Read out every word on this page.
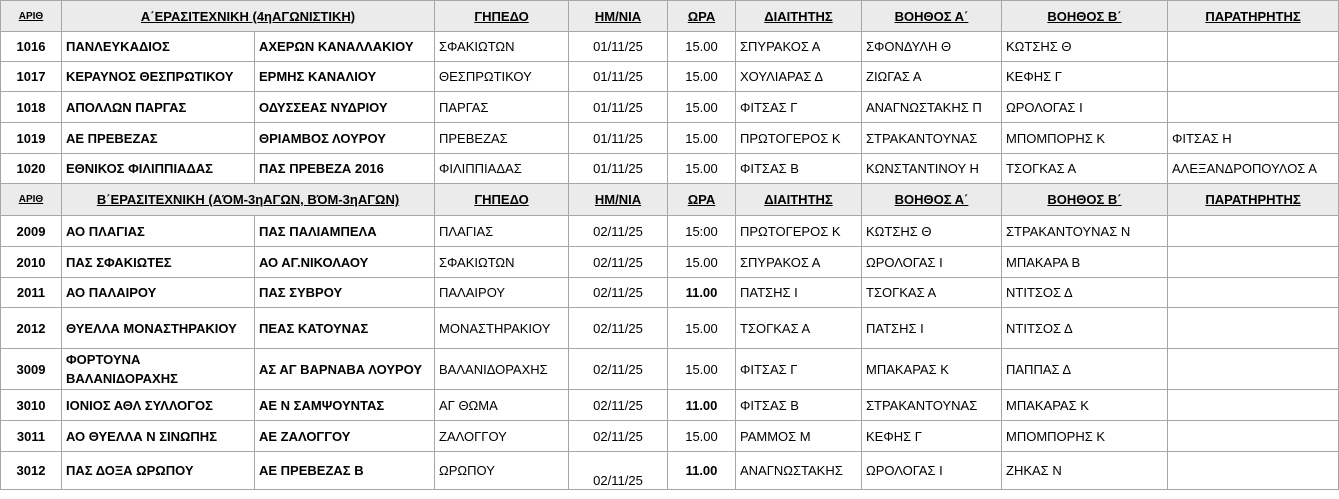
ΑΡΙΘ	Α΄ΕΡΑΣΙΤΕΧΝΙΚΗ (4ηΑΓΩΝΙΣΤΙΚΗ)		ΓΗΠΕΔΟ	ΗΜ/ΝΙΑ	ΩΡΑ	ΔΙΑΙΤΗΤΗΣ	ΒΟΗΘΟΣ Α΄	ΒΟΗΘΟΣ Β΄	ΠΑΡΑΤΗΡΗΤΗΣ
1016	ΠΑΝΛΕΥΚΑΔΙΟΣ	ΑΧΕΡΩΝ ΚΑΝΑΛΛΑΚΙΟΥ	ΣΦΑΚΙΩΤΩΝ	01/11/25	15.00	ΣΠΥΡΑΚΟΣ Α	ΣΦΟΝΔΥΛΗ Θ	ΚΩΤΣΗΣ Θ	
1017	ΚΕΡΑΥΝΟΣ ΘΕΣΠΡΩΤΙΚΟΥ	ΕΡΜΗΣ ΚΑΝΑΛΙΟΥ	ΘΕΣΠΡΩΤΙΚΟΥ	01/11/25	15.00	ΧΟΥΛΙΑΡΑΣ Δ	ΖΙΩΓΑΣ Α	ΚΕΦΗΣ Γ	
1018	ΑΠΟΛΛΩΝ ΠΑΡΓΑΣ	ΟΔΥΣΣΕΑΣ ΝΥΔΡΙΟΥ	ΠΑΡΓΑΣ	01/11/25	15.00	ΦΙΤΣΑΣ Γ	ΑΝΑΓΝΩΣΤΑΚΗΣ Π	ΩΡΟΛΟΓΑΣ Ι	
1019	ΑΕ ΠΡΕΒΕΖΑΣ	ΘΡΙΑΜΒΟΣ ΛΟΥΡΟΥ	ΠΡΕΒΕΖΑΣ	01/11/25	15.00	ΠΡΩΤΟΓΕΡΟΣ Κ	ΣΤΡΑΚΑΝΤΟΥΝΑΣ	ΜΠΟΜΠΟΡΗΣ Κ	ΦΙΤΣΑΣ Η
1020	ΕΘΝΙΚΟΣ ΦΙΛΙΠΠΙΑΔΑΣ	ΠΑΣ ΠΡΕΒΕΖΑ 2016	ΦΙΛΙΠΠΙΑΔΑΣ	01/11/25	15.00	ΦΙΤΣΑΣ Β	ΚΩΝΣΤΑΝΤΙΝΟΥ Η	ΤΣΟΓΚΑΣ Α	ΑΛΕΞΑΝΔΡΟΠΟΥΛΟΣ Α
ΑΡΙΘ	Β΄ΕΡΑΣΙΤΕΧΝΙΚΗ (ΑΌΜ-3ηΑΓΩΝ, ΒΌΜ-3ηΑΓΩΝ)		ΓΗΠΕΔΟ	ΗΜ/ΝΙΑ	ΩΡΑ	ΔΙΑΙΤΗΤΗΣ	ΒΟΗΘΟΣ Α΄	ΒΟΗΘΟΣ Β΄	ΠΑΡΑΤΗΡΗΤΗΣ
2009	ΑΟ ΠΛΑΓΙΑΣ	ΠΑΣ ΠΑΛΙΑΜΠΕΛΑ	ΠΛΑΓΙΑΣ	02/11/25	15:00	ΠΡΩΤΟΓΕΡΟΣ Κ	ΚΩΤΣΗΣ Θ	ΣΤΡΑΚΑΝΤΟΥΝΑΣ Ν	
2010	ΠΑΣ ΣΦΑΚΙΩΤΕΣ	ΑΟ ΑΓ.ΝΙΚΟΛΑΟΥ	ΣΦΑΚΙΩΤΩΝ	02/11/25	15.00	ΣΠΥΡΑΚΟΣ Α	ΩΡΟΛΟΓΑΣ Ι	ΜΠΑΚΑΡΑ Β	
2011	ΑΟ ΠΑΛΑΙΡΟΥ	ΠΑΣ ΣΥΒΡΟΥ	ΠΑΛΑΙΡΟΥ	02/11/25	11.00	ΠΑΤΣΗΣ Ι	ΤΣΟΓΚΑΣ Α	ΝΤΙΤΣΟΣ Δ	
2012	ΘΥΕΛΛΑ ΜΟΝΑΣΤΗΡΑΚΙΟΥ	ΠΕΑΣ ΚΑΤΟΥΝΑΣ	ΜΟΝΑΣΤΗΡΑΚΙΟΥ	02/11/25	15.00	ΤΣΟΓΚΑΣ Α	ΠΑΤΣΗΣ Ι	ΝΤΙΤΣΟΣ Δ	
3009	ΦΟΡΤΟΥΝΑ ΒΑΛΑΝΙΔΟΡΑΧΗΣ	ΑΣ ΑΓ ΒΑΡΝΑΒΑ ΛΟΥΡΟΥ	ΒΑΛΑΝΙΔΟΡΑΧΗΣ	02/11/25	15.00	ΦΙΤΣΑΣ Γ	ΜΠΑΚΑΡΑΣ Κ	ΠΑΠΠΑΣ Δ	
3010	ΙΟΝΙΟΣ ΑΘΛ ΣΥΛΛΟΓΟΣ	ΑΕ Ν ΣΑΜΨΟΥΝΤΑΣ	ΑΓ ΘΩΜΑ	02/11/25	11.00	ΦΙΤΣΑΣ Β	ΣΤΡΑΚΑΝΤΟΥΝΑΣ	ΜΠΑΚΑΡΑΣ Κ	
3011	ΑΟ ΘΥΕΛΛΑ Ν ΣΙΝΩΠΗΣ	ΑΕ ΖΑΛΟΓΓΟΥ	ΖΑΛΟΓΓΟΥ	02/11/25	15.00	ΡΑΜΜΟΣ Μ	ΚΕΦΗΣ Γ	ΜΠΟΜΠΟΡΗΣ Κ	
3012	ΠΑΣ ΔΟΞΑ ΩΡΩΠΟΥ	ΑΕ ΠΡΕΒΕΖΑΣ Β	ΩΡΩΠΟΥ	02/11/25	11.00	ΑΝΑΓΝΩΣΤΑΚΗΣ	ΩΡΟΛΟΓΑΣ Ι	ΖΗΚΑΣ Ν	
